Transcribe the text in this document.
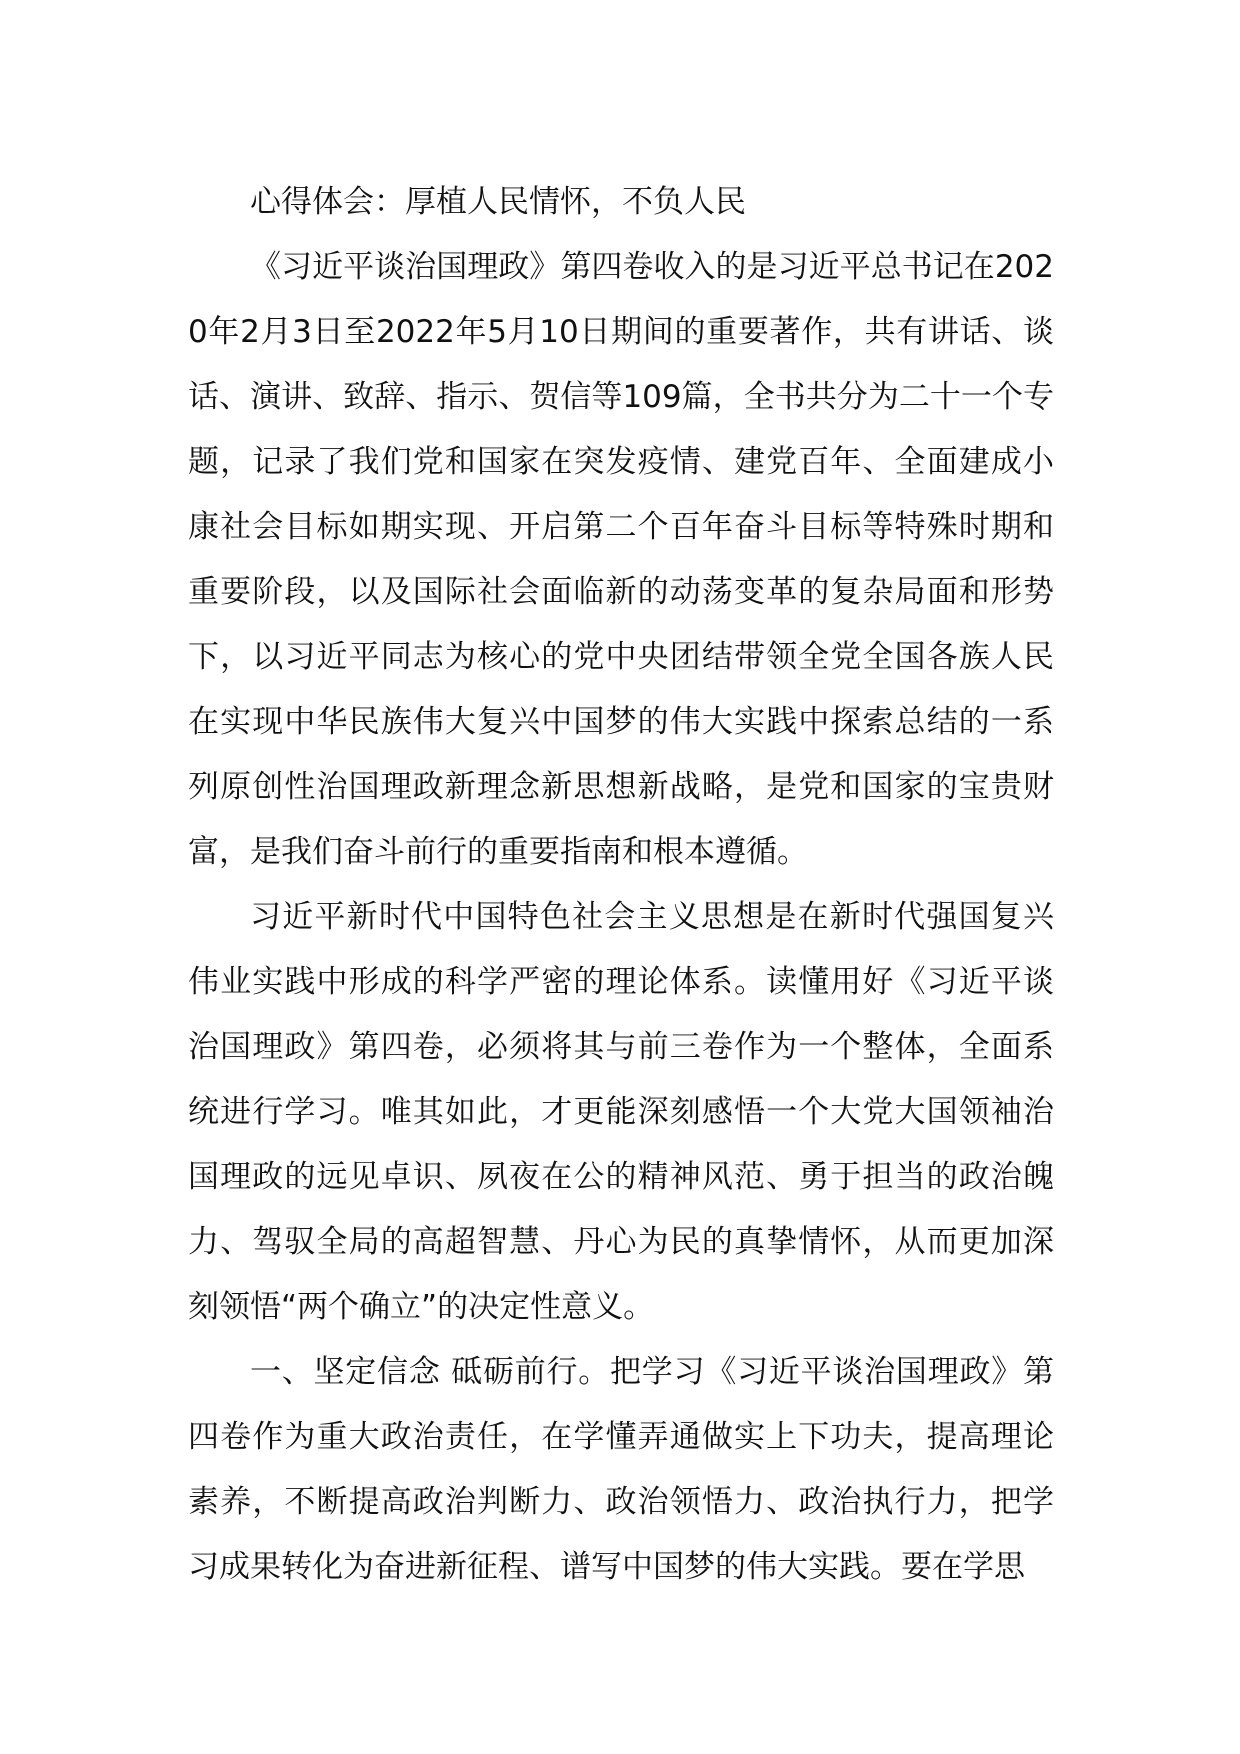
心得体会：厚植人民情怀，不负人民

《习近平谈治国理政》第四卷收入的是习近平总书记在2020年2月3日至2022年5月10日期间的重要著作，共有讲话、谈话、演讲、致辞、指示、贺信等109篇，全书共分为二十一个专题，记录了我们党和国家在突发疫情、建党百年、全面建成小康社会目标如期实现、开启第二个百年奋斗目标等特殊时期和重要阶段，以及国际社会面临新的动荡变革的复杂局面和形势下，以习近平同志为核心的党中央团结带领全党全国各族人民在实现中华民族伟大复兴中国梦的伟大实践中探索总结的一系列原创性治国理政新理念新思想新战略，是党和国家的宝贵财富，是我们奋斗前行的重要指南和根本遵循。

习近平新时代中国特色社会主义思想是在新时代强国复兴伟业实践中形成的科学严密的理论体系。读懂用好《习近平谈治国理政》第四卷，必须将其与前三卷作为一个整体，全面系统进行学习。唯其如此，才更能深刻感悟一个大党大国领袖治国理政的远见卓识、夙夜在公的精神风范、勇于担当的政治魄力、驾驭全局的高超智慧、丹心为民的真挚情怀，从而更加深刻领悟“两个确立”的决定性意义。

一、坚定信念 砥砺前行。把学习《习近平谈治国理政》第四卷作为重大政治责任，在学懂弄通做实上下功夫，提高理论素养，不断提高政治判断力、政治领悟力、政治执行力，把学习成果转化为奋进新征程、谱写中国梦的伟大实践。要在学思
